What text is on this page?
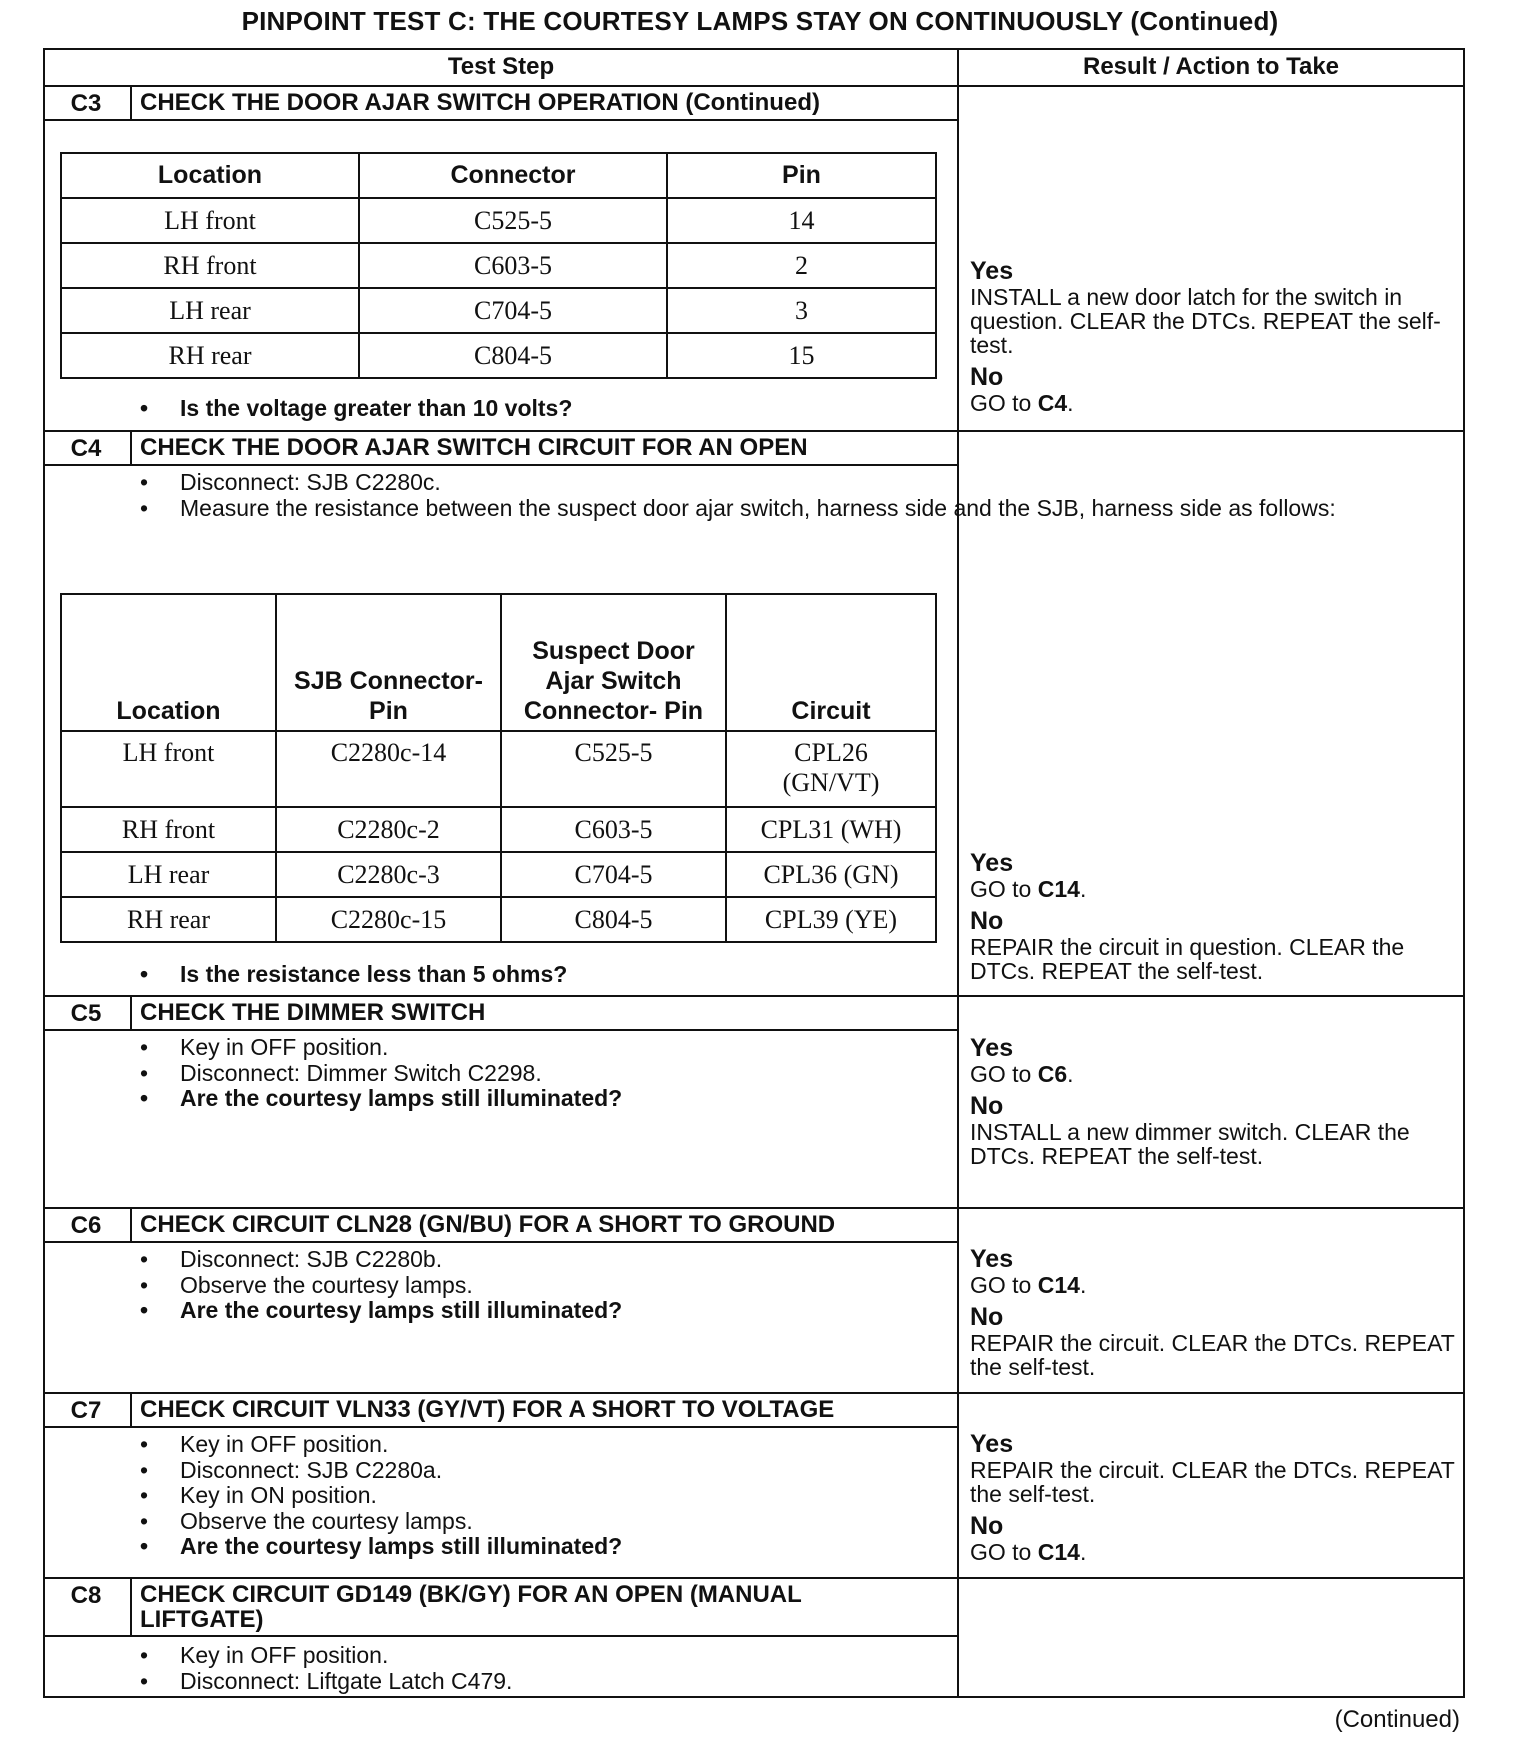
PINPOINT TEST C: THE COURTESY LAMPS STAY ON CONTINUOUSLY (Continued)
Test Step	Result / Action to Take
C3	CHECK THE DOOR AJAR SWITCH OPERATION (Continued)
Location	Connector	Pin
LH front	C525-5	14
RH front	C603-5	2
LH rear	C704-5	3
RH rear	C804-5	15
• Is the voltage greater than 10 volts?
Yes
INSTALL a new door latch for the switch in question. CLEAR the DTCs. REPEAT the self-test.
No
GO to C4.
C4	CHECK THE DOOR AJAR SWITCH CIRCUIT FOR AN OPEN
• Disconnect: SJB C2280c.
• Measure the resistance between the suspect door ajar switch, harness side and the SJB, harness side as follows:
Location	SJB Connector- Pin	Suspect Door Ajar Switch Connector- Pin	Circuit
LH front	C2280c-14	C525-5	CPL26 (GN/VT)
RH front	C2280c-2	C603-5	CPL31 (WH)
LH rear	C2280c-3	C704-5	CPL36 (GN)
RH rear	C2280c-15	C804-5	CPL39 (YE)
• Is the resistance less than 5 ohms?
Yes
GO to C14.
No
REPAIR the circuit in question. CLEAR the DTCs. REPEAT the self-test.
C5	CHECK THE DIMMER SWITCH
• Key in OFF position.
• Disconnect: Dimmer Switch C2298.
• Are the courtesy lamps still illuminated?
Yes
GO to C6.
No
INSTALL a new dimmer switch. CLEAR the DTCs. REPEAT the self-test.
C6	CHECK CIRCUIT CLN28 (GN/BU) FOR A SHORT TO GROUND
• Disconnect: SJB C2280b.
• Observe the courtesy lamps.
• Are the courtesy lamps still illuminated?
Yes
GO to C14.
No
REPAIR the circuit. CLEAR the DTCs. REPEAT the self-test.
C7	CHECK CIRCUIT VLN33 (GY/VT) FOR A SHORT TO VOLTAGE
• Key in OFF position.
• Disconnect: SJB C2280a.
• Key in ON position.
• Observe the courtesy lamps.
• Are the courtesy lamps still illuminated?
Yes
REPAIR the circuit. CLEAR the DTCs. REPEAT the self-test.
No
GO to C14.
C8	CHECK CIRCUIT GD149 (BK/GY) FOR AN OPEN (MANUAL LIFTGATE)
• Key in OFF position.
• Disconnect: Liftgate Latch C479.
(Continued)
